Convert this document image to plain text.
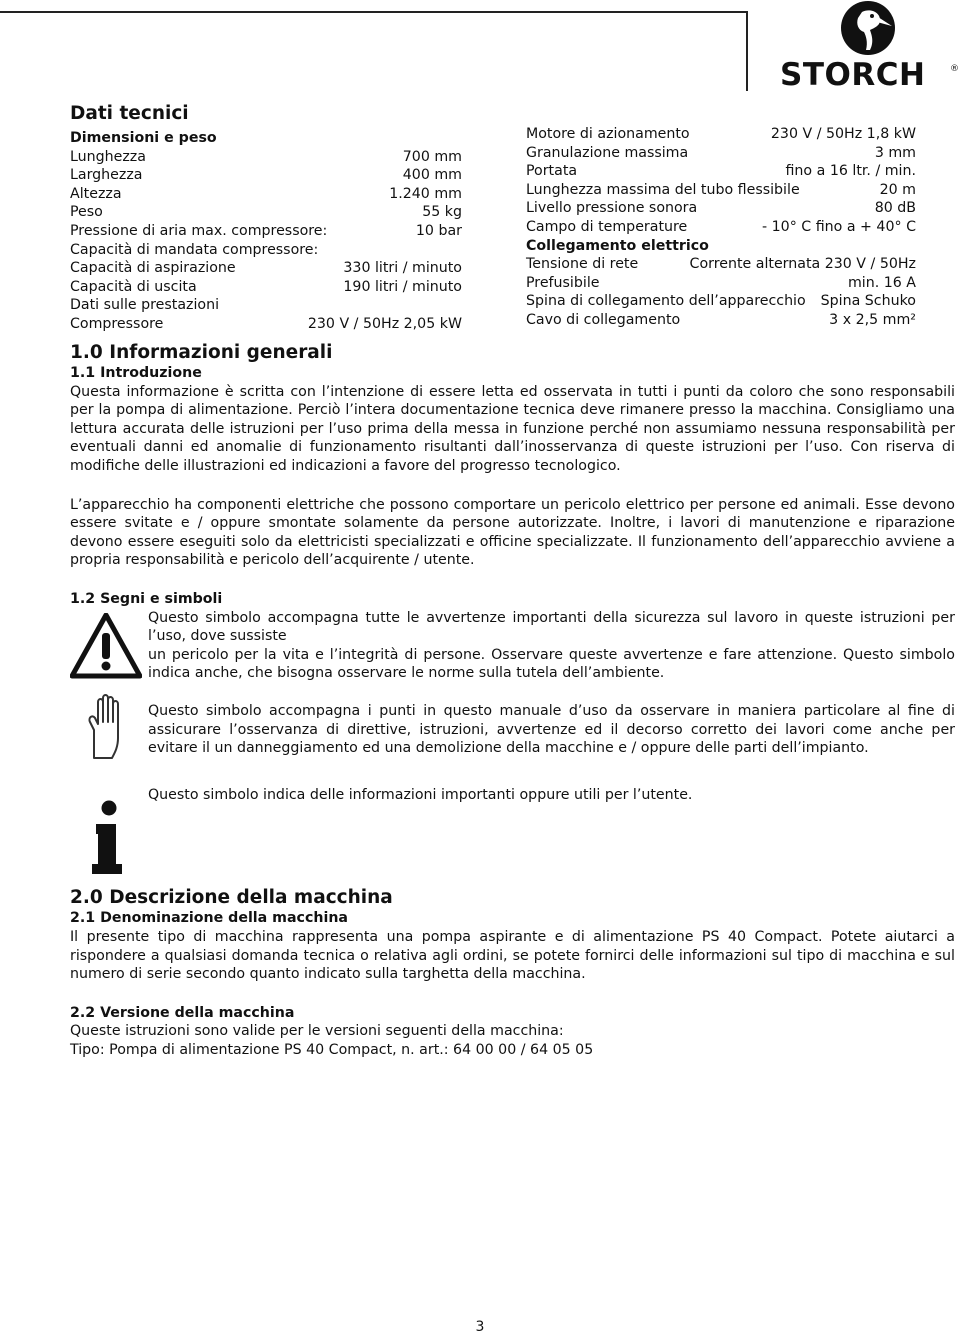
STORCH	®
Dati tecnici
Dimensioni e peso
Lunghezza	700 mm
Larghezza	400 mm
Altezza	1.240 mm
Peso	55 kg
Pressione di aria max. compressore:	10 bar
Capacità di mandata compressore:
Capacità di aspirazione	330 litri / minuto
Capacità di uscita	190 litri / minuto
Dati sulle prestazioni
Compressore	230 V / 50Hz 2,05 kW
Motore di azionamento	230 V / 50Hz 1,8 kW
Granulazione massima	3 mm
Portata	fino a 16 ltr. / min.
Lunghezza massima del tubo flessibile	20 m
Livello pressione sonora	80 dB
Campo di temperature	- 10° C fino a + 40° C
Collegamento elettrico
Tensione di rete	Corrente alternata 230 V / 50Hz
Prefusibile	min. 16 A
Spina di collegamento dell’apparecchio Spina Schuko
Cavo di collegamento	3 x 2,5 mm²
1.0 Informazioni generali
1.1 Introduzione
Questa informazione è scritta con l’intenzione di essere letta ed osservata in tutti i punti da coloro che sono responsabili per la pompa di alimentazione. Perciò l’intera documentazione tecnica deve rimanere presso la macchina. Consigliamo una lettura accurata delle istruzioni per l’uso prima della messa in funzione perché non assumiamo nessuna responsabilità per eventuali danni ed anomalie di funzionamento risultanti dall’inosservanza di queste istruzioni per l’uso. Con riserva di modifiche delle illustrazioni ed indicazioni a favore del progresso tecnologico.
L’apparecchio ha componenti elettriche che possono comportare un pericolo elettrico per persone ed animali. Esse devono essere svitate e / oppure smontate solamente da persone autorizzate. Inoltre, i lavori di manutenzione e riparazione devono essere eseguiti solo da elettricisti specializzati e officine specializzate. Il funzionamento dell’apparecchio avviene a propria responsabilità e pericolo dell’acquirente / utente.
1.2 Segni e simboli
Questo simbolo accompagna tutte le avvertenze importanti della sicurezza sul lavoro in queste istruzioni per l’uso, dove sussiste
un pericolo per la vita e l’integrità di persone. Osservare queste avvertenze e fare attenzione. Questo simbolo indica anche, che bisogna osservare le norme sulla tutela dell’ambiente.
Questo simbolo accompagna i punti in questo manuale d’uso da osservare in maniera particolare al fine di assicurare l’osservanza di direttive, istruzioni, avvertenze ed il decorso corretto dei lavori come anche per evitare il un danneggiamento ed una demolizione della macchine e / oppure delle parti dell’impianto.
Questo simbolo indica delle informazioni importanti oppure utili per l’utente.
2.0 Descrizione della macchina
2.1 Denominazione della macchina
Il presente tipo di macchina rappresenta una pompa aspirante e di alimentazione PS 40 Compact. Potete aiutarci a rispondere a qualsiasi domanda tecnica o relativa agli ordini, se potete fornirci delle informazioni sul tipo di macchina e sul numero di serie secondo quanto indicato sulla targhetta della macchina.
2.2 Versione della macchina
Queste istruzioni sono valide per le versioni seguenti della macchina:
Tipo: Pompa di alimentazione PS 40 Compact, n. art.: 64 00 00 / 64 05 05
3
